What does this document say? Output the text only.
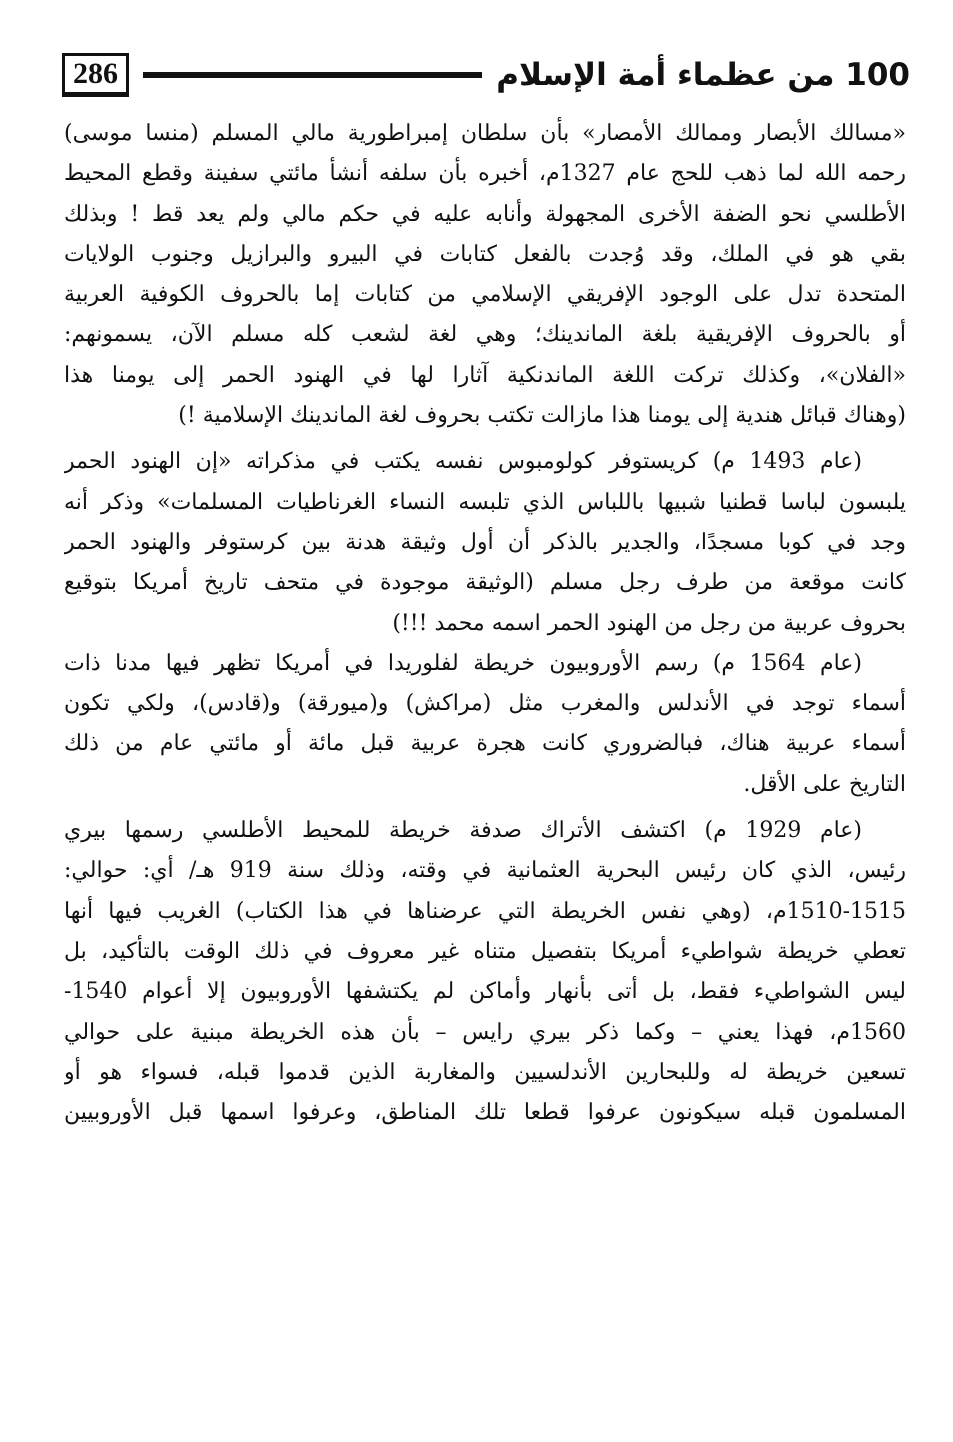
286	100 من عظماء أمة الإسلام
«مسالك الأبصار وممالك الأمصار» بأن سلطان إمبراطورية مالي المسلم (منسا موسى)
رحمه الله لما ذهب للحج عام 1327م، أخبره بأن سلفه أنشأ مائتي سفينة وقطع المحيط
الأطلسي نحو الضفة الأخرى المجهولة وأنابه عليه في حكم مالي ولم يعد قط ! وبذلك
بقي هو في الملك، وقد وُجدت بالفعل كتابات في البيرو والبرازيل وجنوب الولايات
المتحدة تدل على الوجود الإفريقي الإسلامي من كتابات إما بالحروف الكوفية العربية
أو بالحروف الإفريقية بلغة الماندينك؛ وهي لغة لشعب كله مسلم الآن، يسمونهم:
«الفلان»، وكذلك تركت اللغة الماندنكية آثارا لها في الهنود الحمر إلى يومنا هذا
(وهناك قبائل هندية إلى يومنا هذا مازالت تكتب بحروف لغة الماندينك الإسلامية !)
(عام 1493 م) كريستوفر كولومبوس نفسه يكتب في مذكراته «إن الهنود الحمر
يلبسون لباسا قطنيا شبيها باللباس الذي تلبسه النساء الغرناطيات المسلمات» وذكر أنه
وجد في كوبا مسجدًا، والجدير بالذكر أن أول وثيقة هدنة بين كرستوفر والهنود الحمر
كانت موقعة من طرف رجل مسلم (الوثيقة موجودة في متحف تاريخ أمريكا بتوقيع
بحروف عربية من رجل من الهنود الحمر اسمه محمد !!!)
(عام 1564 م) رسم الأوروبيون خريطة لفلوريدا في أمريكا تظهر فيها مدنا ذات
أسماء توجد في الأندلس والمغرب مثل (مراكش) و(ميورقة) و(قادس)، ولكي تكون
أسماء عربية هناك، فبالضروري كانت هجرة عربية قبل مائة أو مائتي عام من ذلك
التاريخ على الأقل.
(عام 1929 م) اكتشف الأتراك صدفة خريطة للمحيط الأطلسي رسمها بيري
رئيس، الذي كان رئيس البحرية العثمانية في وقته، وذلك سنة 919 هـ/ أي: حوالي:
1510-1515م، (وهي نفس الخريطة التي عرضناها في هذا الكتاب) الغريب فيها أنها
تعطي خريطة شواطيء أمريكا بتفصيل متناه غير معروف في ذلك الوقت بالتأكيد، بل
ليس الشواطيء فقط، بل أتى بأنهار وأماكن لم يكتشفها الأوروبيون إلا أعوام 1540-
1560م، فهذا يعني – وكما ذكر بيري رايس – بأن هذه الخريطة مبنية على حوالي
تسعين خريطة له وللبحارين الأندلسيين والمغاربة الذين قدموا قبله، فسواء هو أو
المسلمون قبله سيكونون عرفوا قطعا تلك المناطق، وعرفوا اسمها قبل الأوروبيين
